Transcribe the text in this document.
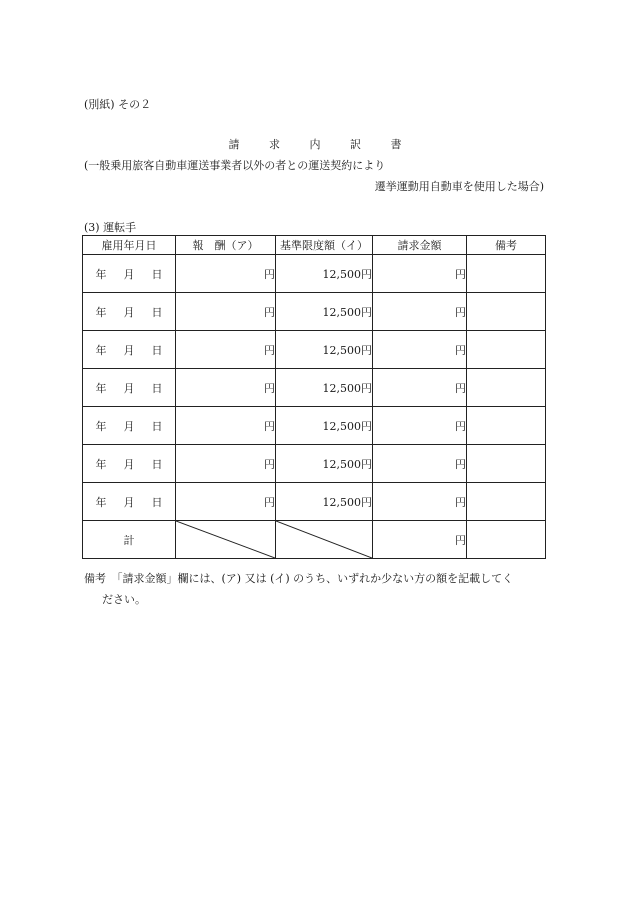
(別紙) その２
請	求	内	訳	書
(一般乗用旅客自動車運送事業者以外の者との運送契約により
遷挙運動用自動車を使用した場合)
(3) 運転手
雇用年月日	報　酬（ア）	基準限度額（イ）	請求金額	備考
年 月 日	円	12,500円	円	
年 月 日	円	12,500円	円	
年 月 日	円	12,500円	円	
年 月 日	円	12,500円	円	
年 月 日	円	12,500円	円	
年 月 日	円	12,500円	円	
年 月 日	円	12,500円	円	
計			円	
備考　「請求金額」欄には、(ア) 又は (イ) のうち、いずれか少ない方の額を記載してく
ださい。
